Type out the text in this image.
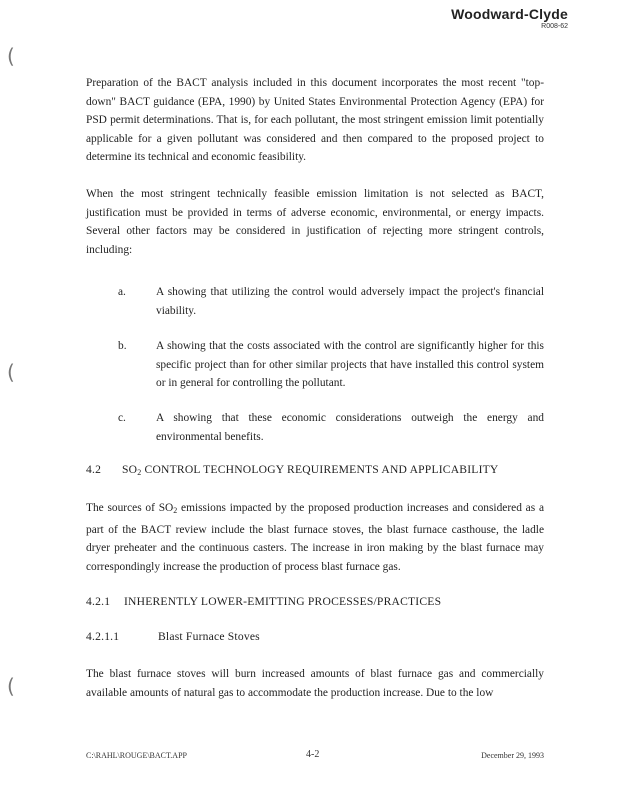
Woodward-Clyde
R008-62
(
(
(

Preparation of the BACT analysis included in this document incorporates the most recent "top-down" BACT guidance (EPA, 1990) by United States Environmental Protection Agency (EPA) for PSD permit determinations. That is, for each pollutant, the most stringent emission limit potentially applicable for a given pollutant was considered and then compared to the proposed project to determine its technical and economic feasibility.

When the most stringent technically feasible emission limitation is not selected as BACT, justification must be provided in terms of adverse economic, environmental, or energy impacts. Several other factors may be considered in justification of rejecting more stringent controls, including:

a.	A showing that utilizing the control would adversely impact the project's financial viability.
b.	A showing that the costs associated with the control are significantly higher for this specific project than for other similar projects that have installed this control system or in general for controlling the pollutant.
c.	A showing that these economic considerations outweigh the energy and environmental benefits.
4.2 $SO_2$ CONTROL TECHNOLOGY REQUIREMENTS AND APPLICABILITY

The sources of $SO_2$ emissions impacted by the proposed production increases and considered as a part of the BACT review include the blast furnace stoves, the blast furnace casthouse, the ladle dryer preheater and the continuous casters. The increase in iron making by the blast furnace may correspondingly increase the production of process blast furnace gas.

4.2.1 INHERENTLY LOWER-EMITTING PROCESSES/PRACTICES
4.2.1.1	Blast Furnace Stoves

The blast furnace stoves will burn increased amounts of blast furnace gas and commercially available amounts of natural gas to accommodate the production increase. Due to the low

C:\RAHL\ROUGE\BACT.APP	4-2	December 29, 1993
